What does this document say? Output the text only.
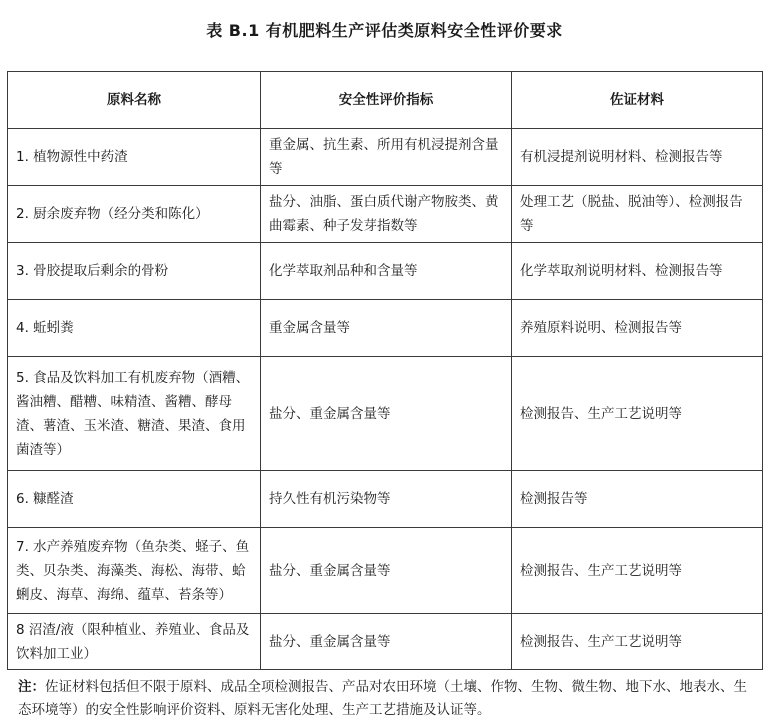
表 B.1 有机肥料生产评估类原料安全性评价要求
原料名称	安全性评价指标	佐证材料
1. 植物源性中药渣	重金属、抗生素、所用有机浸提剂含量等	有机浸提剂说明材料、检测报告等
2. 厨余废弃物（经分类和陈化）	盐分、油脂、蛋白质代谢产物胺类、黄曲霉素、种子发芽指数等	处理工艺（脱盐、脱油等）、检测报告等
3. 骨胶提取后剩余的骨粉	化学萃取剂品种和含量等	化学萃取剂说明材料、检测报告等
4. 蚯蚓粪	重金属含量等	养殖原料说明、检测报告等
5. 食品及饮料加工有机废弃物（酒糟、酱油糟、醋糟、味精渣、酱糟、酵母渣、薯渣、玉米渣、糖渣、果渣、食用菌渣等）	盐分、重金属含量等	检测报告、生产工艺说明等
6. 糠醛渣	持久性有机污染物等	检测报告等
7. 水产养殖废弃物（鱼杂类、蛏子、鱼类、贝杂类、海藻类、海松、海带、蛤蜊皮、海草、海绵、蕴草、苔条等）	盐分、重金属含量等	检测报告、生产工艺说明等
8 沼渣/液（限种植业、养殖业、食品及饮料加工业）	盐分、重金属含量等	检测报告、生产工艺说明等
注：佐证材料包括但不限于原料、成品全项检测报告、产品对农田环境（土壤、作物、生物、微生物、地下水、地表水、生态环境等）的安全性影响评价资料、原料无害化处理、生产工艺措施及认证等。
